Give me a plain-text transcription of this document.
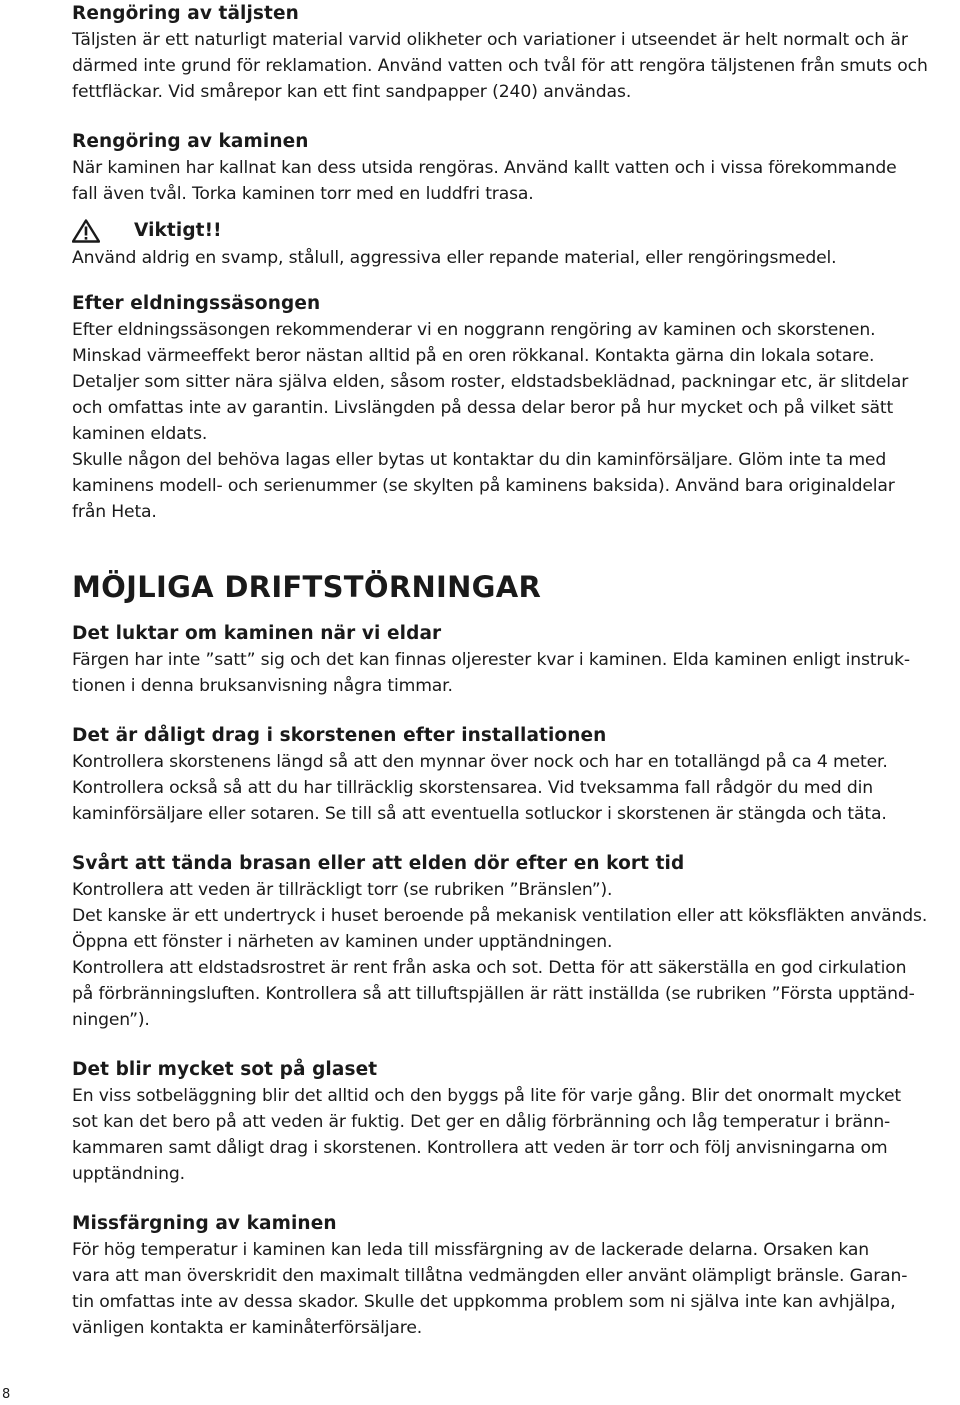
Rengöring av täljsten

Täljsten är ett naturligt material varvid olikheter och variationer i utseendet är helt normalt och är

därmed inte grund för reklamation. Använd vatten och tvål för att rengöra täljstenen från smuts och

fettfläckar. Vid smårepor kan ett fint sandpapper (240) användas.

Rengöring av kaminen

När kaminen har kallnat kan dess utsida rengöras. Använd kallt vatten och i vissa förekommande

fall även tvål. Torka kaminen torr med en luddfri trasa.

Viktigt!!

Använd aldrig en svamp, stålull, aggressiva eller repande material, eller rengöringsmedel.

Efter eldningssäsongen

Efter eldningssäsongen rekommenderar vi en noggrann rengöring av kaminen och skorstenen.

Minskad värmeeffekt beror nästan alltid på en oren rökkanal. Kontakta gärna din lokala sotare.

Detaljer som sitter nära själva elden, såsom roster, eldstadsbeklädnad, packningar etc, är slitdelar

och omfattas inte av garantin. Livslängden på dessa delar beror på hur mycket och på vilket sätt

kaminen eldats.

Skulle någon del behöva lagas eller bytas ut kontaktar du din kaminförsäljare. Glöm inte ta med

kaminens modell- och serienummer (se skylten på kaminens baksida). Använd bara originaldelar

från Heta.

MÖJLIGA DRIFTSTÖRNINGAR
Det luktar om kaminen när vi eldar

Färgen har inte ”satt” sig och det kan finnas oljerester kvar i kaminen. Elda kaminen enligt instruk-

tionen i denna bruksanvisning några timmar.

Det är dåligt drag i skorstenen efter installationen

Kontrollera skorstenens längd så att den mynnar över nock och har en totallängd på ca 4 meter.

Kontrollera också så att du har tillräcklig skorstensarea. Vid tveksamma fall rådgör du med din

kaminförsäljare eller sotaren. Se till så att eventuella sotluckor i skorstenen är stängda och täta.

Svårt att tända brasan eller att elden dör efter en kort tid

Kontrollera att veden är tillräckligt torr (se rubriken ”Bränslen”).

Det kanske är ett undertryck i huset beroende på mekanisk ventilation eller att köksfläkten används.

Öppna ett fönster i närheten av kaminen under upptändningen.

Kontrollera att eldstadsrostret är rent från aska och sot. Detta för att säkerställa en god cirkulation

på förbränningsluften. Kontrollera så att tilluftspjällen är rätt inställda (se rubriken ”Första upptänd-

ningen”).

Det blir mycket sot på glaset

En viss sotbeläggning blir det alltid och den byggs på lite för varje gång. Blir det onormalt mycket

sot kan det bero på att veden är fuktig. Det ger en dålig förbränning och låg temperatur i bränn-

kammaren samt dåligt drag i skorstenen. Kontrollera att veden är torr och följ anvisningarna om

upptändning.

Missfärgning av kaminen

För hög temperatur i kaminen kan leda till missfärgning av de lackerade delarna. Orsaken kan

vara att man överskridit den maximalt tillåtna vedmängden eller använt olämpligt bränsle. Garan-

tin omfattas inte av dessa skador. Skulle det uppkomma problem som ni själva inte kan avhjälpa,

vänligen kontakta er kaminåterförsäljare.

8
